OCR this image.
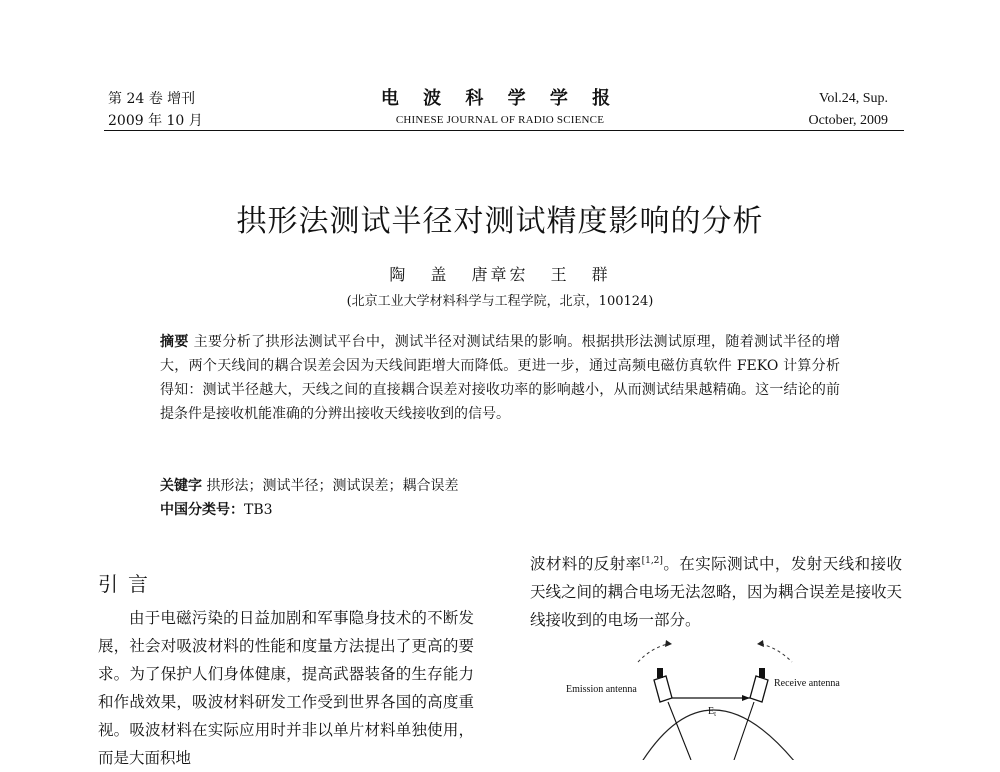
第 24 卷 增刊
2009 年 10 月
电 波 科 学 学 报
CHINESE JOURNAL OF RADIO SCIENCE
Vol.24, Sup.
October, 2009
拱形法测试半径对测试精度影响的分析
陶 盖 唐章宏 王 群
(北京工业大学材料科学与工程学院，北京，100124)
摘要 主要分析了拱形法测试平台中，测试半径对测试结果的影响。根据拱形法测试原理，随着测试半径的增大，两个天线间的耦合误差会因为天线间距增大而降低。更进一步，通过高频电磁仿真软件 FEKO 计算分析得知：测试半径越大，天线之间的直接耦合误差对接收功率的影响越小，从而测试结果越精确。这一结论的前提条件是接收机能准确的分辨出接收天线接收到的信号。
关键字 拱形法；测试半径；测试误差；耦合误差
中国分类号：TB3
引言
由于电磁污染的日益加剧和军事隐身技术的不断发展，社会对吸波材料的性能和度量方法提出了更高的要求。为了保护人们身体健康，提高武器装备的生存能力和作战效果，吸波材料研发工作受到世界各国的高度重视。吸波材料在实际应用时并非以单片材料单独使用，而是大面积地
波材料的反射率[1,2]。在实际测试中，发射天线和接收天线之间的耦合电场无法忽略，因为耦合误差是接收天线接收到的电场一部分。
Emission antenna
Receive antenna
$E_t$
